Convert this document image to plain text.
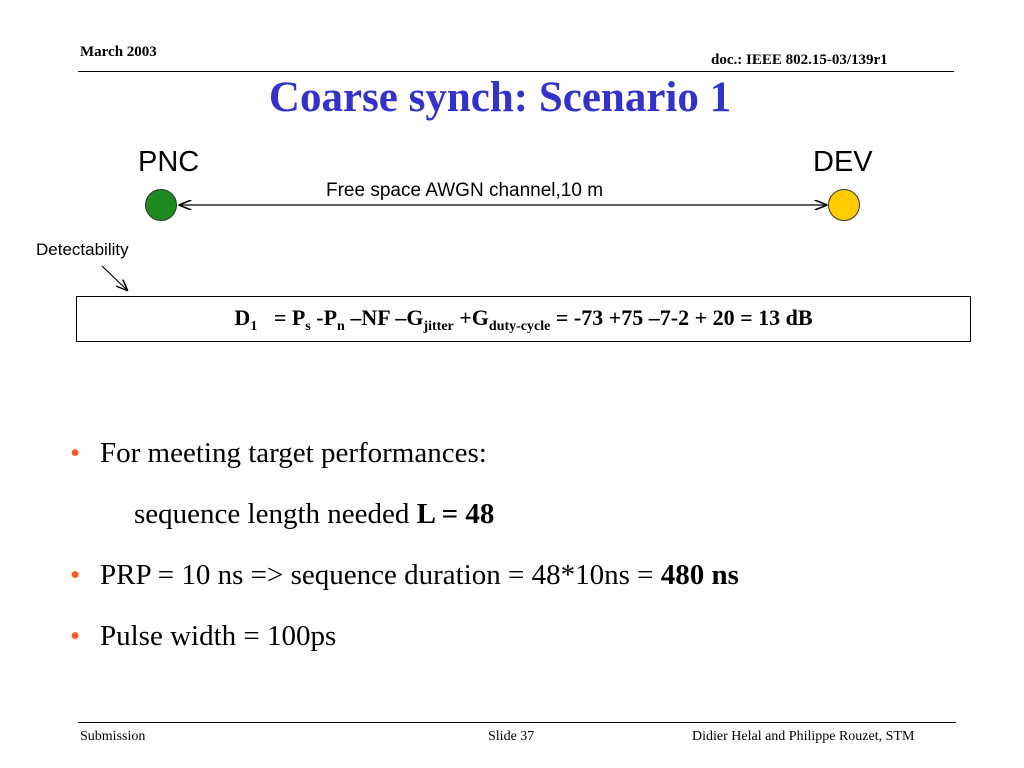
March 2003	doc.: IEEE 802.15-03/139r1
Coarse synch: Scenario 1
PNC	DEV
Free space AWGN channel,10 m
Detectability
$D_1 = P_s$ $-P_n$ –NF $-G_{jitter} +G_{duty-cycle} = -73 +75$ –7-2 + 20 = 13 dB
• For meeting target performances:
sequence length needed L = 48
• PRP = 10 ns => sequence duration = 48*10ns = 480 ns
• Pulse width = 100ps
Submission	Slide 37	Didier Helal and Philippe Rouzet, STM
